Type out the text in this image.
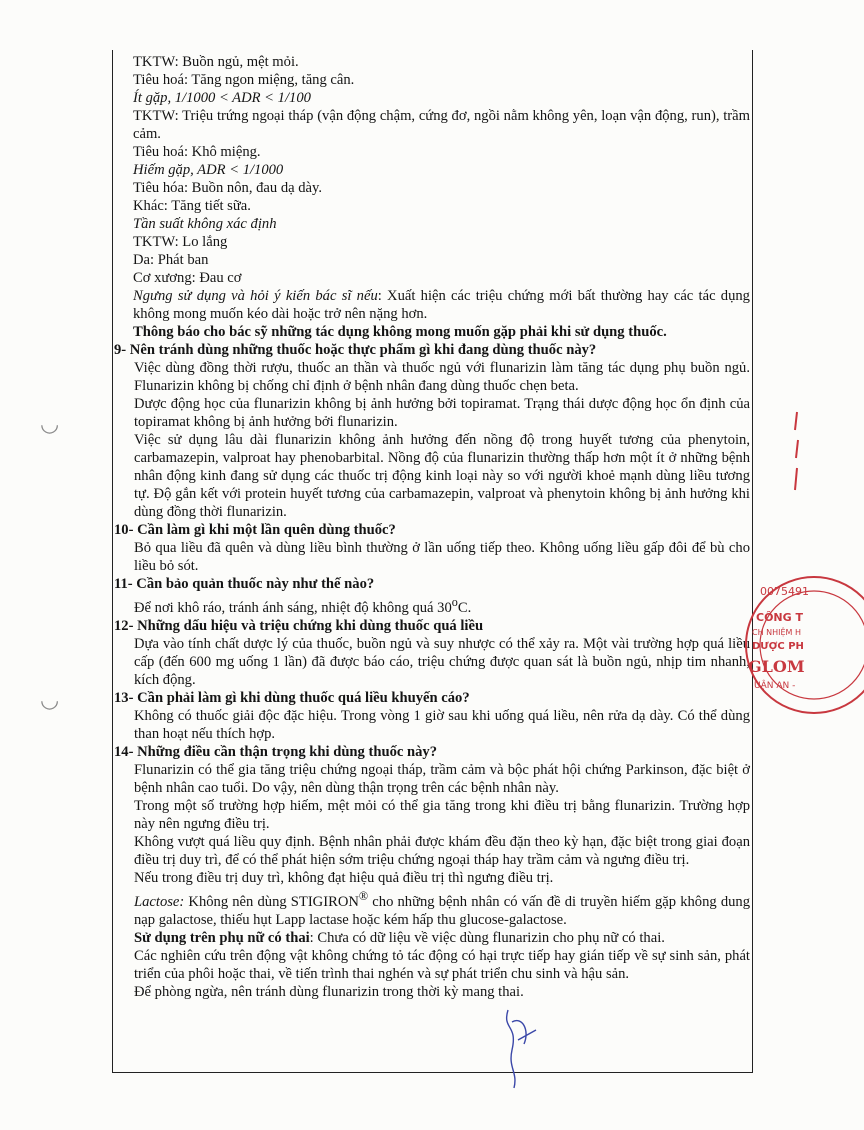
TKTW: Buồn ngủ, mệt mỏi.

Tiêu hoá: Tăng ngon miệng, tăng cân.

Ít gặp, 1/1000 < ADR < 1/100

TKTW: Triệu trứng ngoại tháp (vận động chậm, cứng đơ, ngồi nằm không yên, loạn vận động, run), trầm cảm.

Tiêu hoá: Khô miệng.

Hiếm gặp, ADR < 1/1000

Tiêu hóa: Buồn nôn, đau dạ dày.

Khác: Tăng tiết sữa.

Tần suất không xác định

TKTW: Lo lắng

Da: Phát ban

Cơ xương: Đau cơ

Ngưng sử dụng và hỏi ý kiến bác sĩ nếu: Xuất hiện các triệu chứng mới bất thường hay các tác dụng không mong muốn kéo dài hoặc trở nên nặng hơn.

Thông báo cho bác sỹ những tác dụng không mong muốn gặp phải khi sử dụng thuốc.

9- Nên tránh dùng những thuốc hoặc thực phẩm gì khi đang dùng thuốc này?

Việc dùng đồng thời rượu, thuốc an thần và thuốc ngủ với flunarizin làm tăng tác dụng phụ buồn ngủ. Flunarizin không bị chống chỉ định ở bệnh nhân đang dùng thuốc chẹn beta.

Dược động học của flunarizin không bị ảnh hưởng bởi topiramat. Trạng thái dược động học ổn định của topiramat không bị ảnh hưởng bởi flunarizin.

Việc sử dụng lâu dài flunarizin không ảnh hưởng đến nồng độ trong huyết tương của phenytoin, carbamazepin, valproat hay phenobarbital. Nồng độ của flunarizin thường thấp hơn một ít ở những bệnh nhân động kinh đang sử dụng các thuốc trị động kinh loại này so với người khoẻ mạnh dùng liều tương tự. Độ gắn kết với protein huyết tương của carbamazepin, valproat và phenytoin không bị ảnh hưởng khi dùng đồng thời flunarizin.

10- Cần làm gì khi một lần quên dùng thuốc?

Bỏ qua liều đã quên và dùng liều bình thường ở lần uống tiếp theo. Không uống liều gấp đôi để bù cho liều bỏ sót.

11- Cần bảo quản thuốc này như thế nào?

Để nơi khô ráo, tránh ánh sáng, nhiệt độ không quá 30$^o$C.

12- Những dấu hiệu và triệu chứng khi dùng thuốc quá liều

Dựa vào tính chất dược lý của thuốc, buồn ngủ và suy nhược có thể xảy ra. Một vài trường hợp quá liều cấp (đến 600 mg uống 1 lần) đã được báo cáo, triệu chứng được quan sát là buồn ngủ, nhịp tim nhanh, kích động.

13- Cần phải làm gì khi dùng thuốc quá liều khuyến cáo?

Không có thuốc giải độc đặc hiệu. Trong vòng 1 giờ sau khi uống quá liều, nên rửa dạ dày. Có thể dùng than hoạt nếu thích hợp.

14- Những điều cần thận trọng khi dùng thuốc này?

Flunarizin có thể gia tăng triệu chứng ngoại tháp, trầm cảm và bộc phát hội chứng Parkinson, đặc biệt ở bệnh nhân cao tuổi. Do vậy, nên dùng thận trọng trên các bệnh nhân này.

Trong một số trường hợp hiếm, mệt mỏi có thể gia tăng trong khi điều trị bằng flunarizin. Trường hợp này nên ngưng điều trị.

Không vượt quá liều quy định. Bệnh nhân phải được khám đều đặn theo kỳ hạn, đặc biệt trong giai đoạn điều trị duy trì, để có thể phát hiện sớm triệu chứng ngoại tháp hay trầm cảm và ngưng điều trị.

Nếu trong điều trị duy trì, không đạt hiệu quả điều trị thì ngưng điều trị.

Lactose: Không nên dùng STIGIRON® cho những bệnh nhân có vấn đề di truyền hiếm gặp không dung nạp galactose, thiếu hụt Lapp lactase hoặc kém hấp thu glucose-galactose.

Sử dụng trên phụ nữ có thai: Chưa có dữ liệu về việc dùng flunarizin cho phụ nữ có thai.

Các nghiên cứu trên động vật không chứng tỏ tác động có hại trực tiếp hay gián tiếp về sự sinh sản, phát triển của phôi hoặc thai, về tiến trình thai nghén và sự phát triển chu sinh và hậu sản.

Để phòng ngừa, nên tránh dùng flunarizin trong thời kỳ mang thai.

◡
◡
0075491
CÔNG T
CH NHIỆM H
DƯỢC PH
GLOM
UẬN AN -
